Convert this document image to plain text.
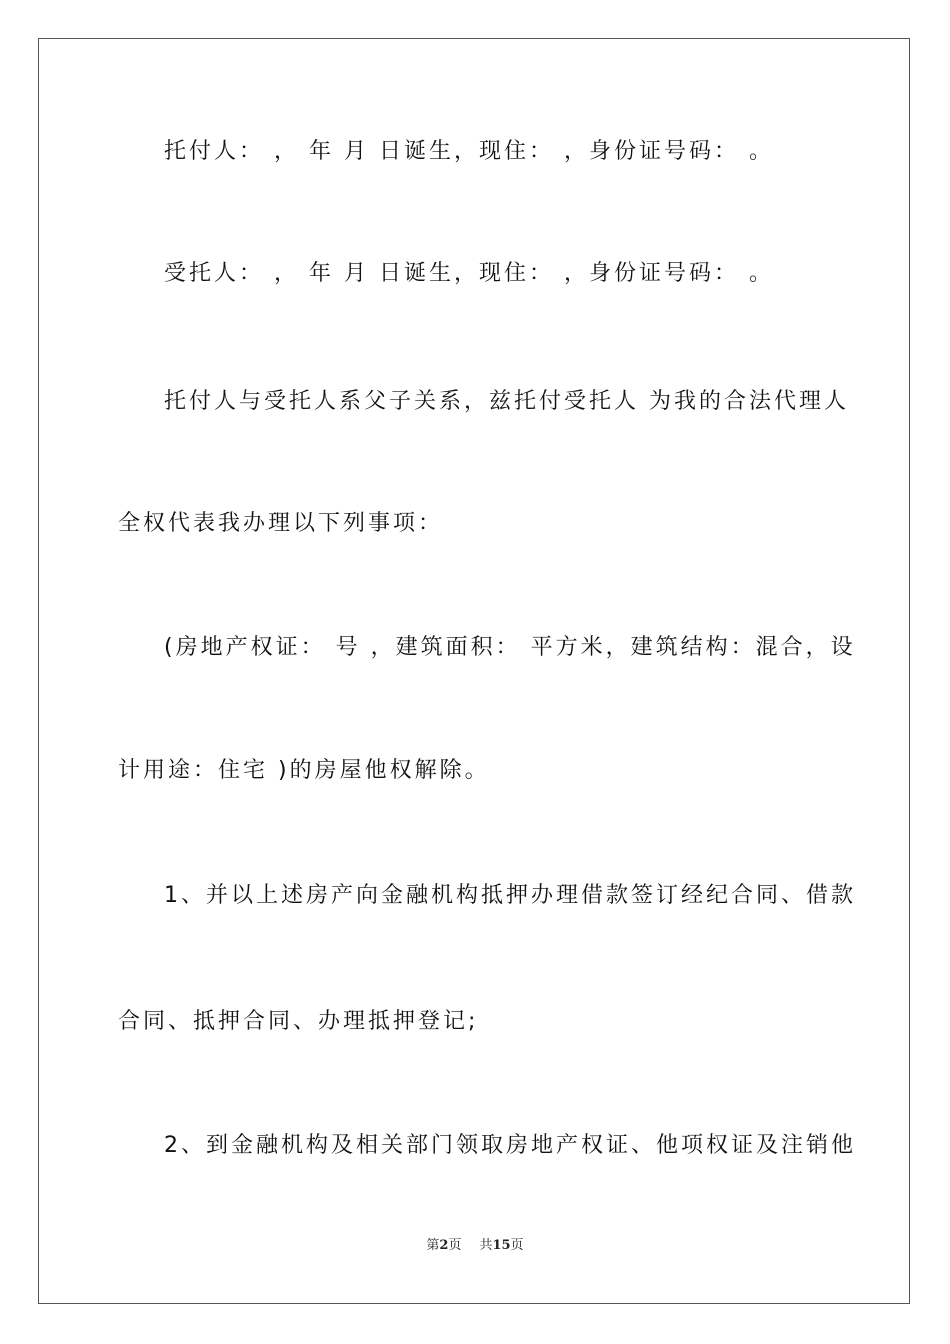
托付人： ， 年 月 日诞生，现住： ，身份证号码： 。
受托人： ， 年 月 日诞生，现住： ，身份证号码： 。
托付人与受托人系父子关系，兹托付受托人 为我的合法代理人
全权代表我办理以下列事项：
(房地产权证： 号 ，建筑面积： 平方米，建筑结构：混合，设
计用途：住宅 )的房屋他权解除。
1、并以上述房产向金融机构抵押办理借款签订经纪合同、借款
合同、抵押合同、办理抵押登记;
2、到金融机构及相关部门领取房地产权证、他项权证及注销他
第2页 共15页
